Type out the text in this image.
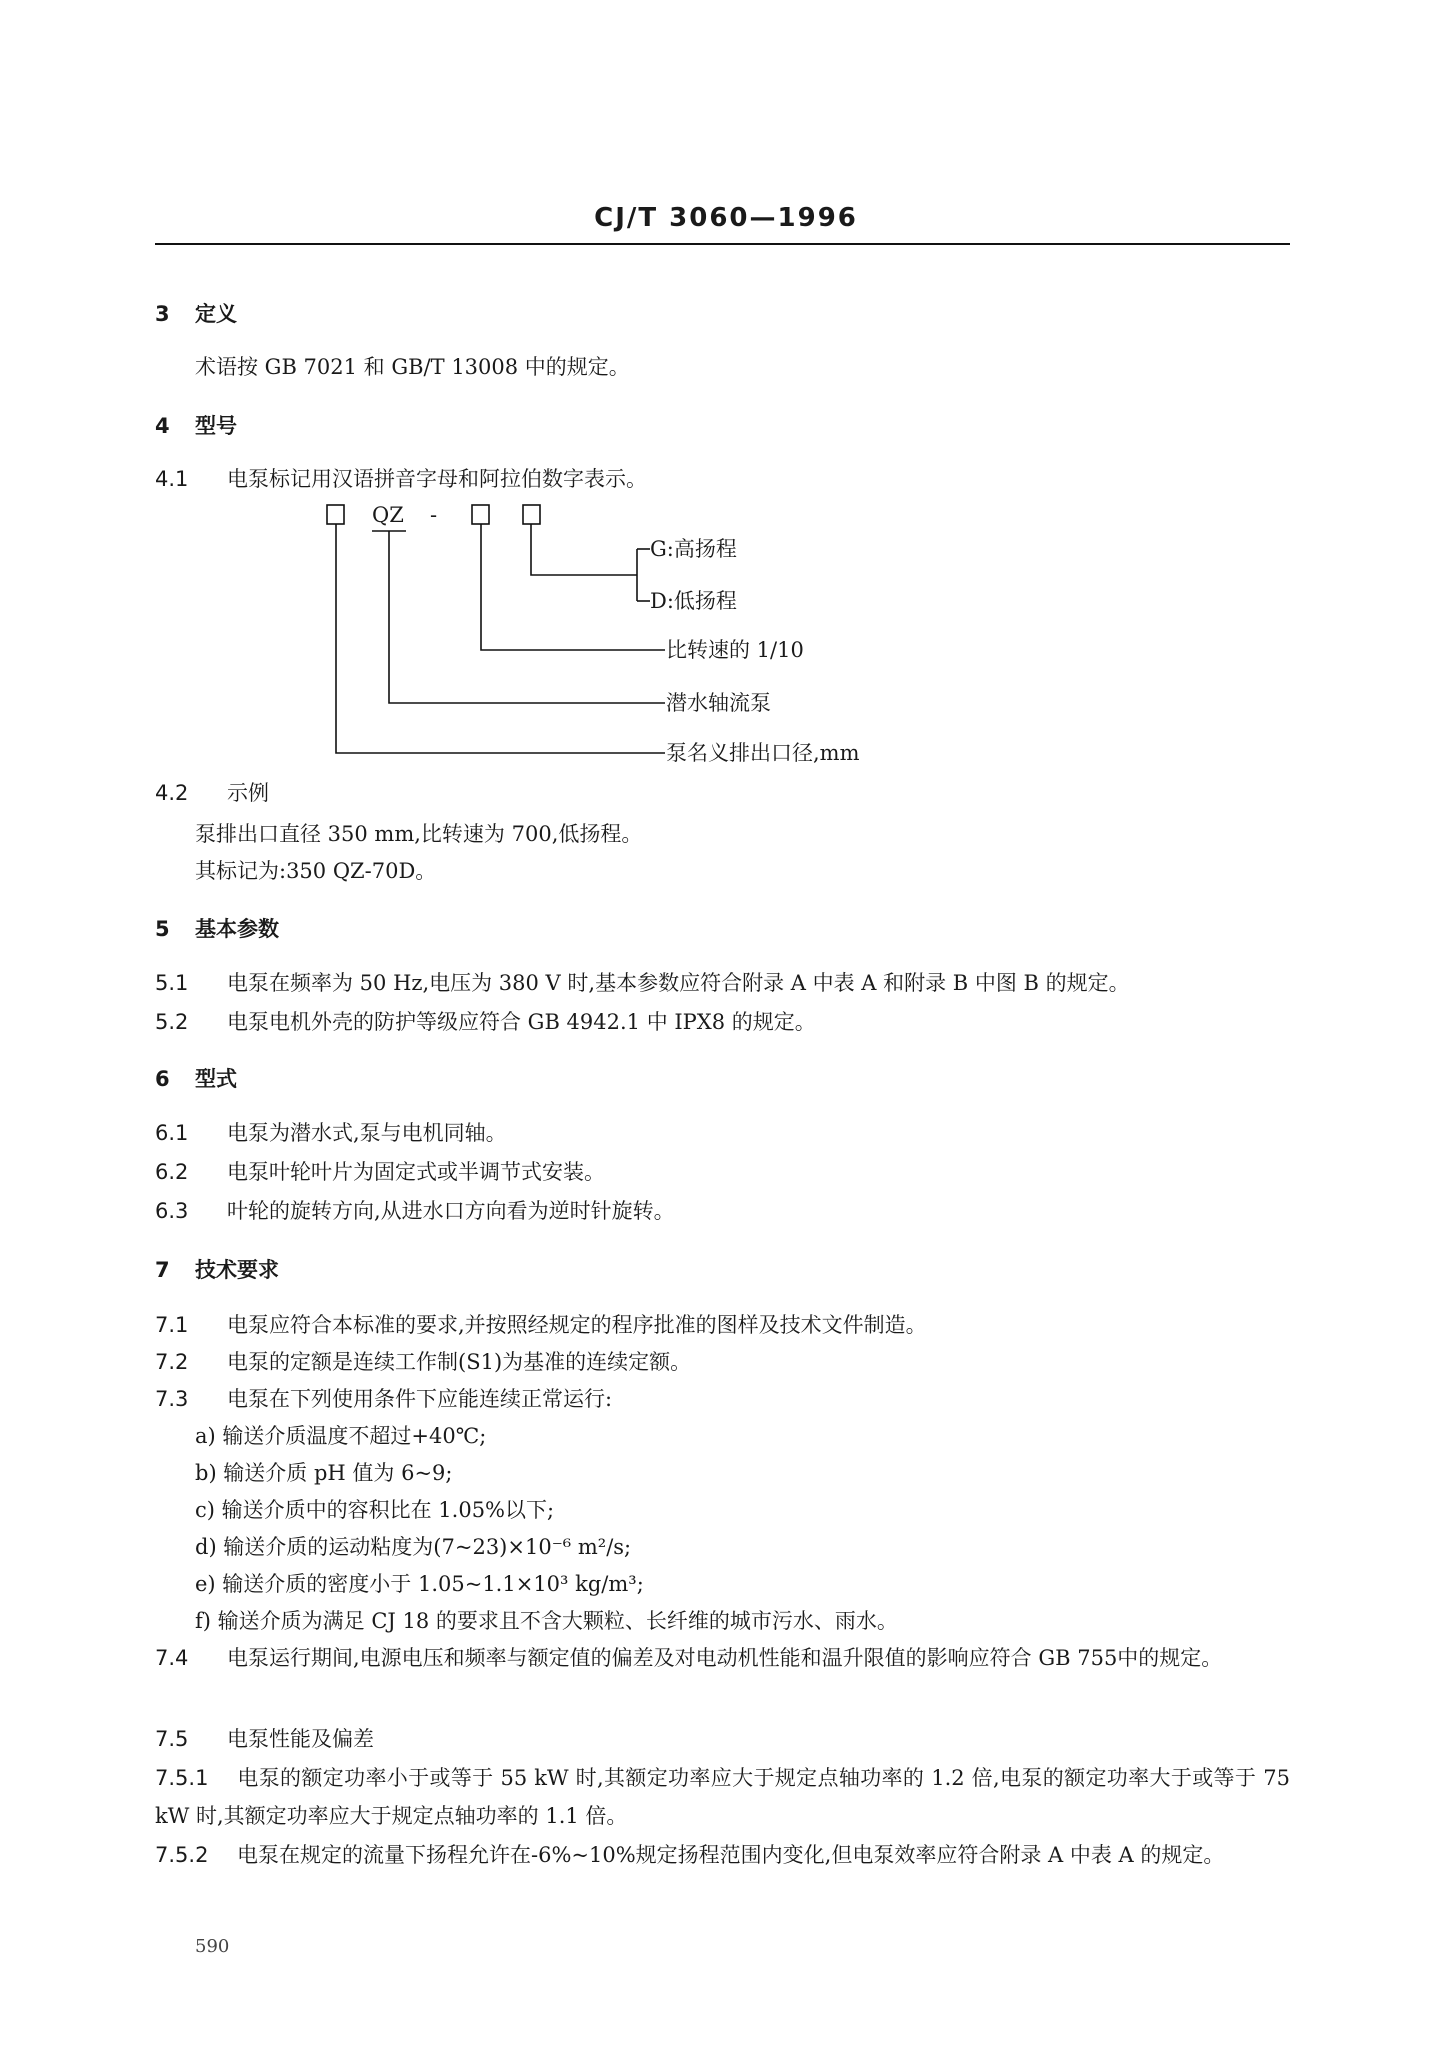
CJ/T 3060—1996
3 定义
术语按 GB 7021 和 GB/T 13008 中的规定。
4 型号
4.1 电泵标记用汉语拼音字母和阿拉伯数字表示。
QZ -
G:高扬程
D:低扬程
比转速的 1/10
潜水轴流泵
泵名义排出口径,mm
4.2 示例
泵排出口直径 350 mm,比转速为 700,低扬程。
其标记为:350 QZ-70D。
5 基本参数
5.1 电泵在频率为 50 Hz,电压为 380 V 时,基本参数应符合附录 A 中表 A 和附录 B 中图 B 的规定。
5.2 电泵电机外壳的防护等级应符合 GB 4942.1 中 IPX8 的规定。
6 型式
6.1 电泵为潜水式,泵与电机同轴。
6.2 电泵叶轮叶片为固定式或半调节式安装。
6.3 叶轮的旋转方向,从进水口方向看为逆时针旋转。
7 技术要求
7.1 电泵应符合本标准的要求,并按照经规定的程序批准的图样及技术文件制造。
7.2 电泵的定额是连续工作制(S1)为基准的连续定额。
7.3 电泵在下列使用条件下应能连续正常运行:
a) 输送介质温度不超过+40℃;
b) 输送介质 pH 值为 6~9;
c) 输送介质中的容积比在 1.05%以下;
d) 输送介质的运动粘度为(7~23)×10⁻⁶ m²/s;
e) 输送介质的密度小于 1.05~1.1×10³ kg/m³;
f) 输送介质为满足 CJ 18 的要求且不含大颗粒、长纤维的城市污水、雨水。
7.4 电泵运行期间,电源电压和频率与额定值的偏差及对电动机性能和温升限值的影响应符合 GB 755中的规定。
7.5 电泵性能及偏差
7.5.1 电泵的额定功率小于或等于 55 kW 时,其额定功率应大于规定点轴功率的 1.2 倍,电泵的额定功率大于或等于 75 kW 时,其额定功率应大于规定点轴功率的 1.1 倍。
7.5.2 电泵在规定的流量下扬程允许在-6%~10%规定扬程范围内变化,但电泵效率应符合附录 A 中表 A 的规定。
590
